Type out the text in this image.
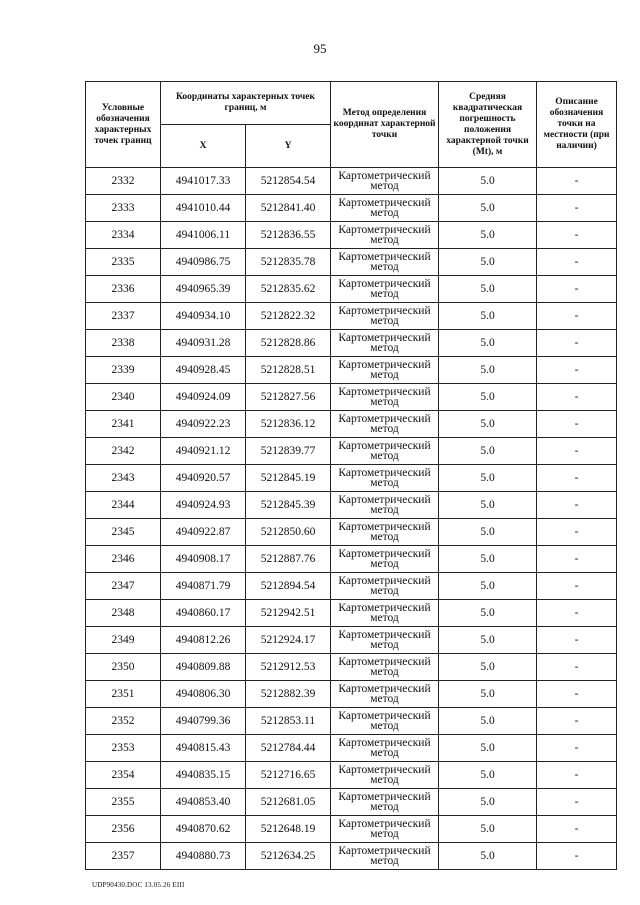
95
Условные обозначения характерных точек границ	Координаты характерных точек границ, м		Метод определения координат характерной точки	Средняя квадратическая погрешность положения характерной точки (Mt), м	Описание обозначения точки на местности (при наличии)
	X	Y			
2332	4941017.33	5212854.54	Картометрический метод	5.0	-
2333	4941010.44	5212841.40	Картометрический метод	5.0	-
2334	4941006.11	5212836.55	Картометрический метод	5.0	-
2335	4940986.75	5212835.78	Картометрический метод	5.0	-
2336	4940965.39	5212835.62	Картометрический метод	5.0	-
2337	4940934.10	5212822.32	Картометрический метод	5.0	-
2338	4940931.28	5212828.86	Картометрический метод	5.0	-
2339	4940928.45	5212828.51	Картометрический метод	5.0	-
2340	4940924.09	5212827.56	Картометрический метод	5.0	-
2341	4940922.23	5212836.12	Картометрический метод	5.0	-
2342	4940921.12	5212839.77	Картометрический метод	5.0	-
2343	4940920.57	5212845.19	Картометрический метод	5.0	-
2344	4940924.93	5212845.39	Картометрический метод	5.0	-
2345	4940922.87	5212850.60	Картометрический метод	5.0	-
2346	4940908.17	5212887.76	Картометрический метод	5.0	-
2347	4940871.79	5212894.54	Картометрический метод	5.0	-
2348	4940860.17	5212942.51	Картометрический метод	5.0	-
2349	4940812.26	5212924.17	Картометрический метод	5.0	-
2350	4940809.88	5212912.53	Картометрический метод	5.0	-
2351	4940806.30	5212882.39	Картометрический метод	5.0	-
2352	4940799.36	5212853.11	Картометрический метод	5.0	-
2353	4940815.43	5212784.44	Картометрический метод	5.0	-
2354	4940835.15	5212716.65	Картометрический метод	5.0	-
2355	4940853.40	5212681.05	Картометрический метод	5.0	-
2356	4940870.62	5212648.19	Картометрический метод	5.0	-
2357	4940880.73	5212634.25	Картометрический метод	5.0	-
UDP90430.DOC 13.05.26 EIII
